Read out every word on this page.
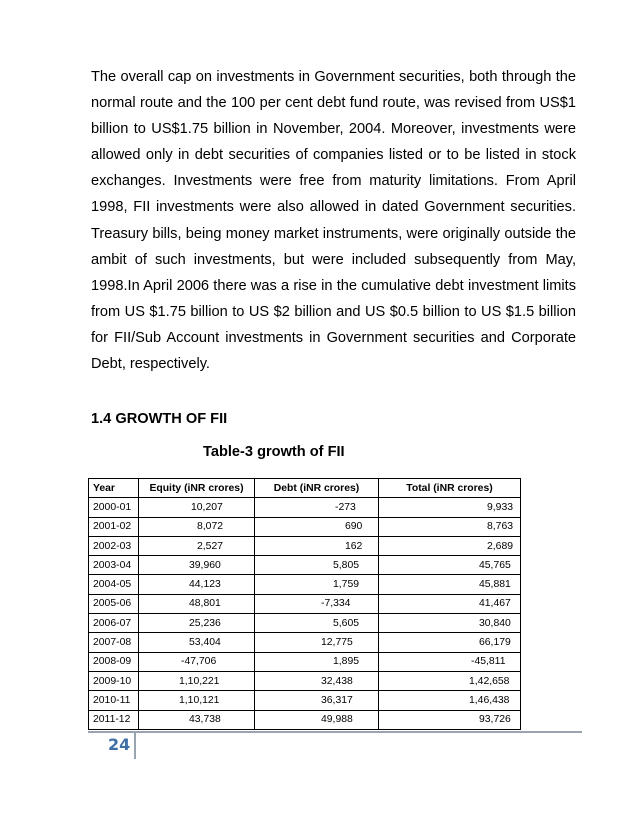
The overall cap on investments in Government securities, both through the
normal route and the 100 per cent debt fund route, was revised from US$1
billion to US$1.75 billion in November, 2004. Moreover, investments were
allowed only in debt securities of companies listed or to be listed in stock
exchanges. Investments were free from maturity limitations. From April
1998, FII investments were also allowed in dated Government securities.
Treasury bills, being money market instruments, were originally outside the
ambit of such investments, but were included subsequently from May,
1998.In April 2006 there was a rise in the cumulative debt investment limits
from US $1.75 billion to US $2 billion and US $0.5 billion to US $1.5 billion
for FII/Sub Account investments in Government securities and Corporate
Debt, respectively.
1.4 GROWTH OF FII
Table-3 growth of FII
Year	Equity (iNR crores)	Debt (iNR crores)	Total (iNR crores)
2000-01	10,207	-273	9,933
2001-02	8,072	690	8,763
2002-03	2,527	162	2,689
2003-04	39,960	5,805	45,765
2004-05	44,123	1,759	45,881
2005-06	48,801	-7,334	41,467
2006-07	25,236	5,605	30,840
2007-08	53,404	12,775	66,179
2008-09	-47,706	1,895	-45,811
2009-10	1,10,221	32,438	1,42,658
2010-11	1,10,121	36,317	1,46,438
2011-12	43,738	49,988	93,726
24
